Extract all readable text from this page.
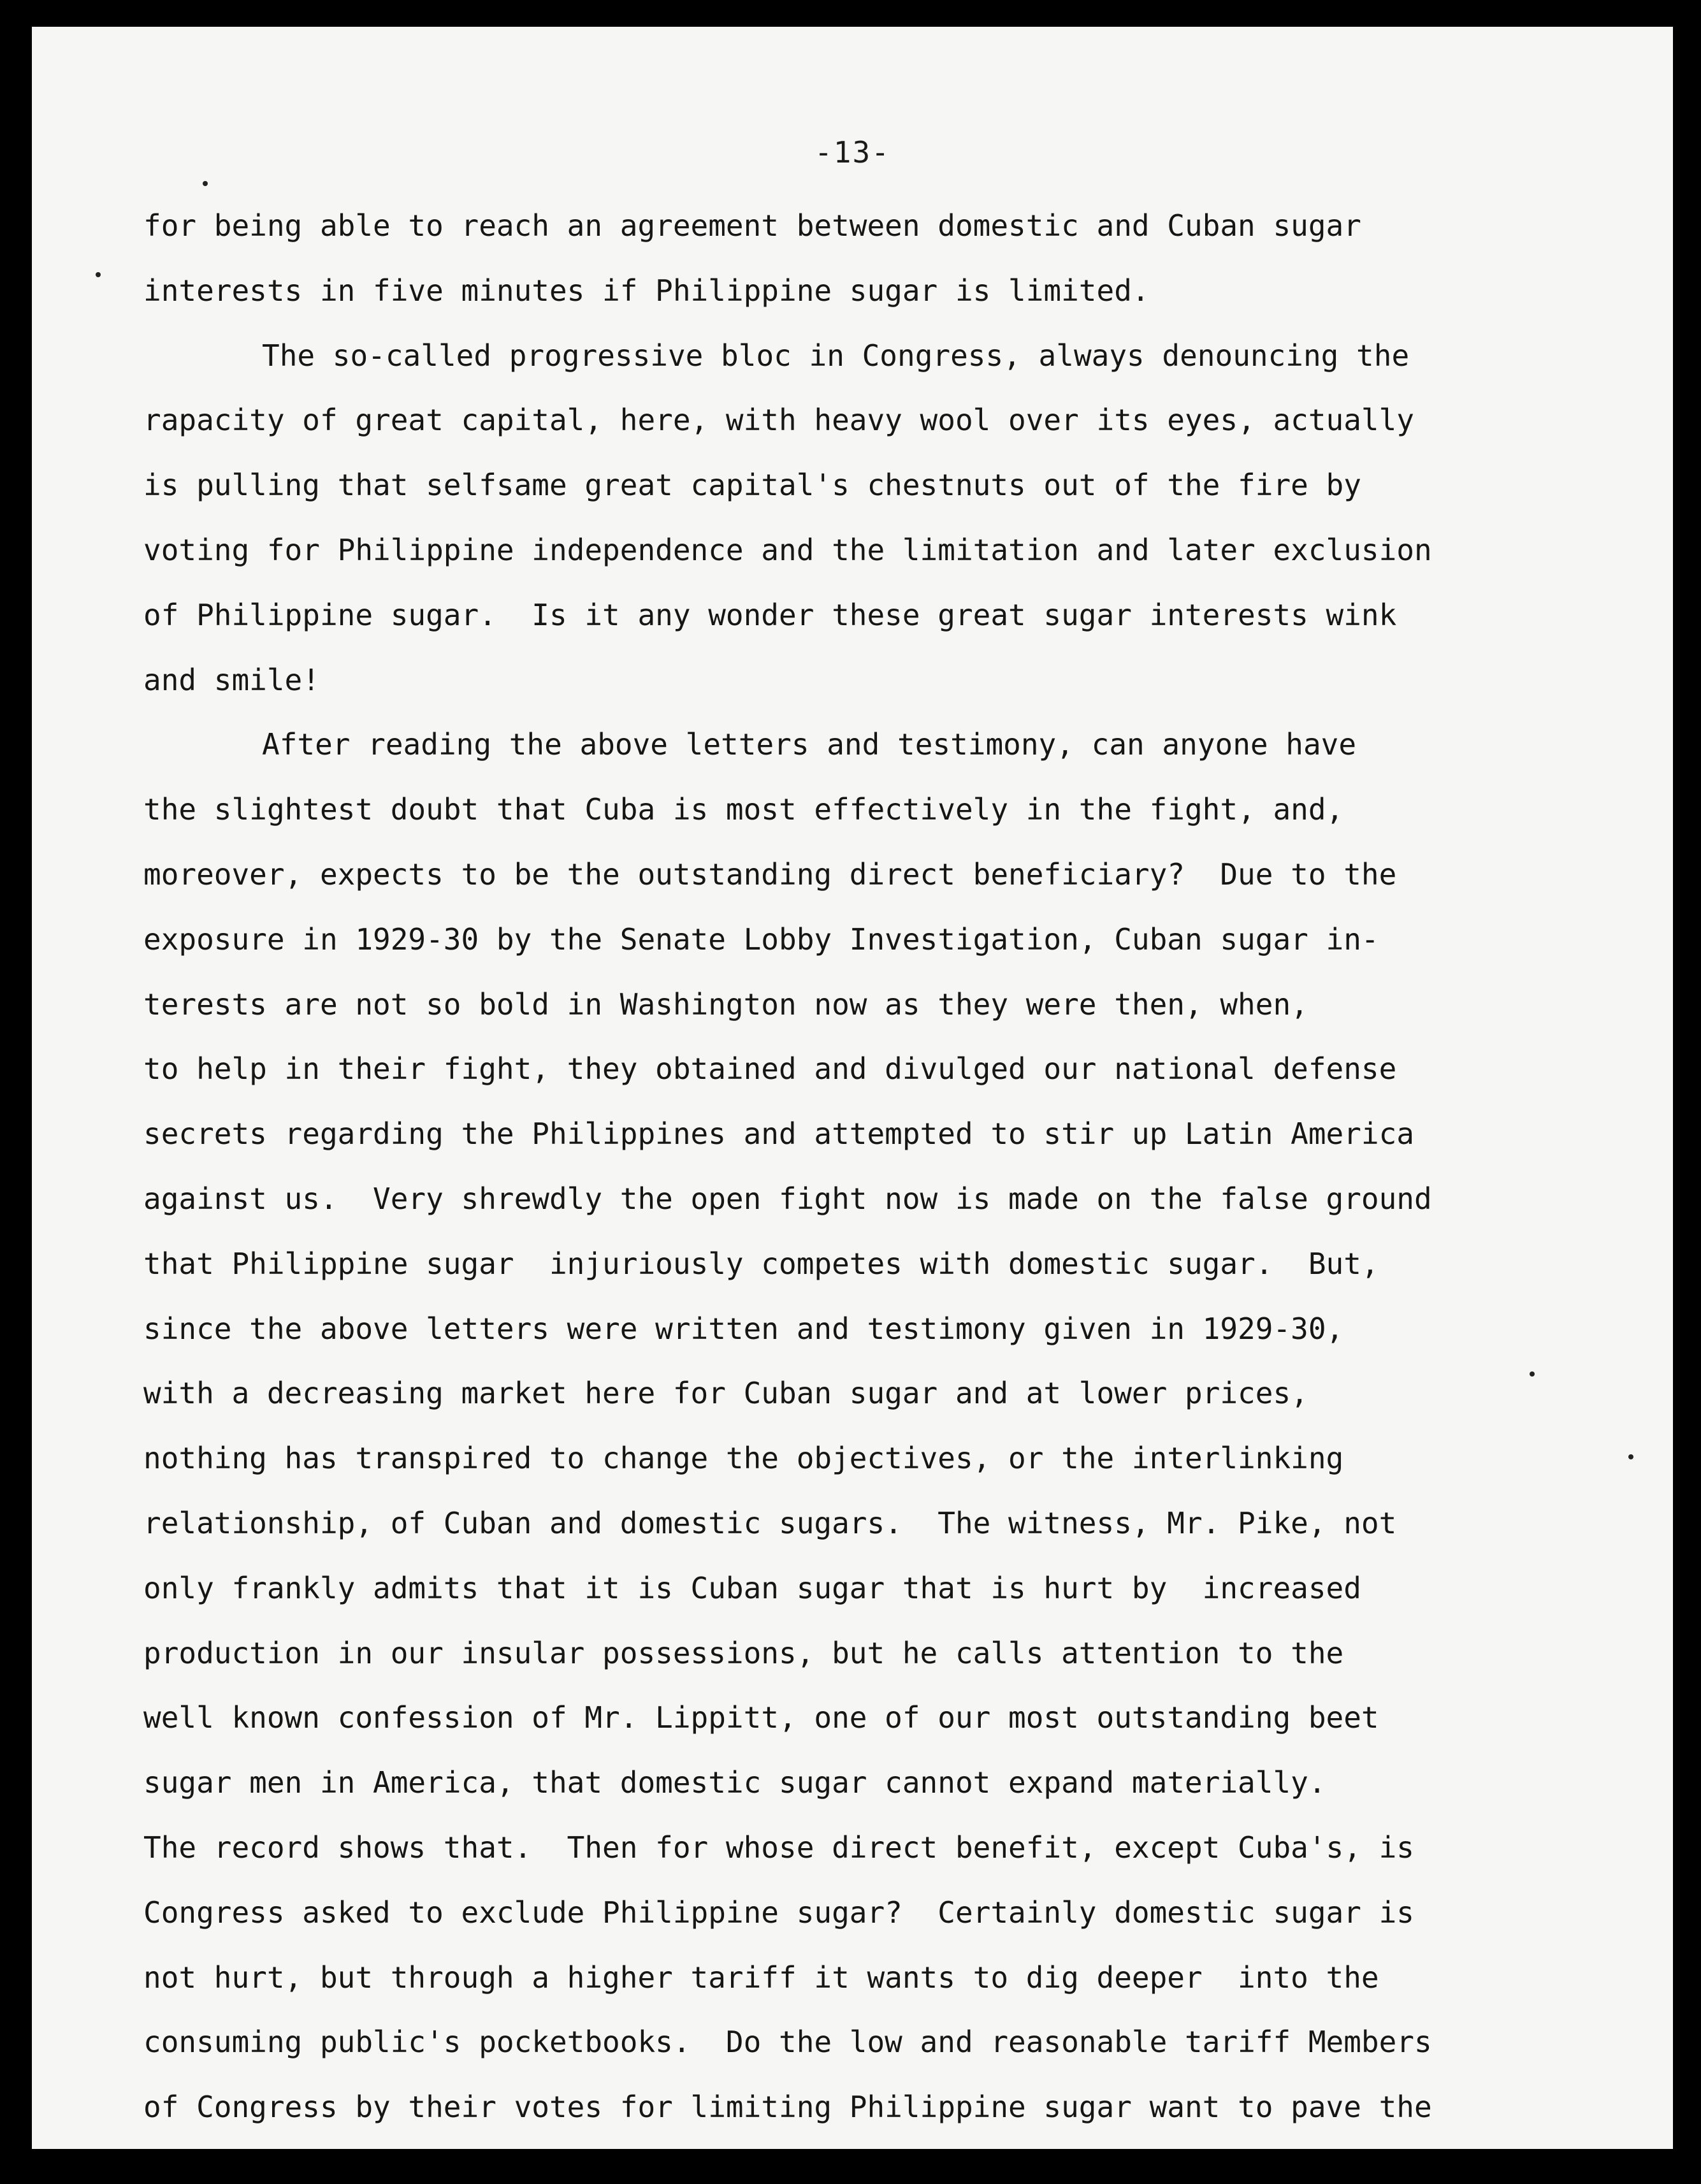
-13-
for being able to reach an agreement between domestic and Cuban sugar
interests in five minutes if Philippine sugar is limited.
The so-called progressive bloc in Congress, always denouncing the
rapacity of great capital, here, with heavy wool over its eyes, actually
is pulling that selfsame great capital's chestnuts out of the fire by
voting for Philippine independence and the limitation and later exclusion
of Philippine sugar.  Is it any wonder these great sugar interests wink
and smile!
After reading the above letters and testimony, can anyone have
the slightest doubt that Cuba is most effectively in the fight, and,
moreover, expects to be the outstanding direct beneficiary?  Due to the
exposure in 1929-30 by the Senate Lobby Investigation, Cuban sugar in-
terests are not so bold in Washington now as they were then, when,
to help in their fight, they obtained and divulged our national defense
secrets regarding the Philippines and attempted to stir up Latin America
against us.  Very shrewdly the open fight now is made on the false ground
that Philippine sugar  injuriously competes with domestic sugar.  But,
since the above letters were written and testimony given in 1929-30,
with a decreasing market here for Cuban sugar and at lower prices,
nothing has transpired to change the objectives, or the interlinking
relationship, of Cuban and domestic sugars.  The witness, Mr. Pike, not
only frankly admits that it is Cuban sugar that is hurt by  increased
production in our insular possessions, but he calls attention to the
well known confession of Mr. Lippitt, one of our most outstanding beet
sugar men in America, that domestic sugar cannot expand materially.
The record shows that.  Then for whose direct benefit, except Cuba's, is
Congress asked to exclude Philippine sugar?  Certainly domestic sugar is
not hurt, but through a higher tariff it wants to dig deeper  into the
consuming public's pocketbooks.  Do the low and reasonable tariff Members
of Congress by their votes for limiting Philippine sugar want to pave the
